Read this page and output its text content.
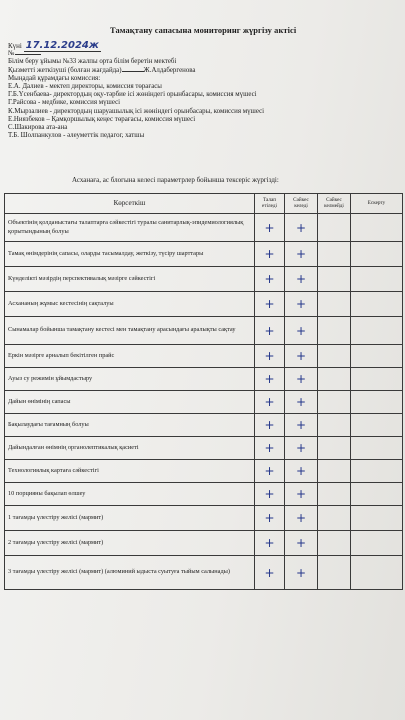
Тамақтану сапасына мониторинг жүргізу актісі
Күні 17.12.2024ж
№
Білім беру ұйымы №33 жалпы орта білім беретін мектебі
Қызметті жеткізуші (болған жағдайда)	Ж.Алдабергенова
Мыңадай құрамдағы комиссия:
Е.А. Далиев - мектеп директоры, комиссия төрағасы
Г.Б.Үсенбаева- директордың оқу-тәрбие ісі жөніндегі орынбасары, комиссия мүшесі
Г.Райсова - медбике, комиссия мүшесі
К.Мырзалиев - директордың шаруашылық ісі жөніндегі орынбасары, комиссия мүшесі
Е.Ниязбеков – Қамқоршылық кеңес төрағасы, комиссия мүшесі
С.Шакирова ата-ана
Т.Б. Шолпанкулов - әлеуметтік педагог, хатшы
Асханаға, ас блогына келесі параметрлер бойынша тексеріс жүргізді:
Көрсеткіш	Талап етіледі	Сәйкес келеді	Сәйкес келмейді	Ескерту
Объектінің қолданыстағы талаптарға сәйкестігі туралы санитарлық-эпидемиологиялық қорытындының болуы	+	+		
Тамақ өнімдерінің сапасы, оларды тасымалдау, жеткізу, түсіру шарттары	+	+		
Күнделікті мәзірдің перспективалық мәзірге сәйкестігі	+	+		
Асхананың жұмыс кестесінің сақталуы	+	+		
Сынамалар бойынша тамақтану кестесі мен тамақтану арасындағы аралықты сақтау	+	+		
Еркін мәзірге арналып бекітілген прайс	+	+		
Ауыз су режимін ұйымдастыру	+	+		
Дайын өнімінің сапасы	+	+		
Бақылаудағы тағамның болуы	+	+		
Дайындалған өнімнің органолептикалық қасиеті	+	+		
Технологиялық картаға сәйкестігі	+	+		
10 порцияны бақылап өлшеу	+	+		
1 тағамды үлестіру желісі (мармит)	+	+		
2 тағамды үлестіру желісі (мармит)	+	+		
3 тағамды үлестіру желісі (мармит) (алюминий ыдыста суытуға тыйым салынады)	+	+		
